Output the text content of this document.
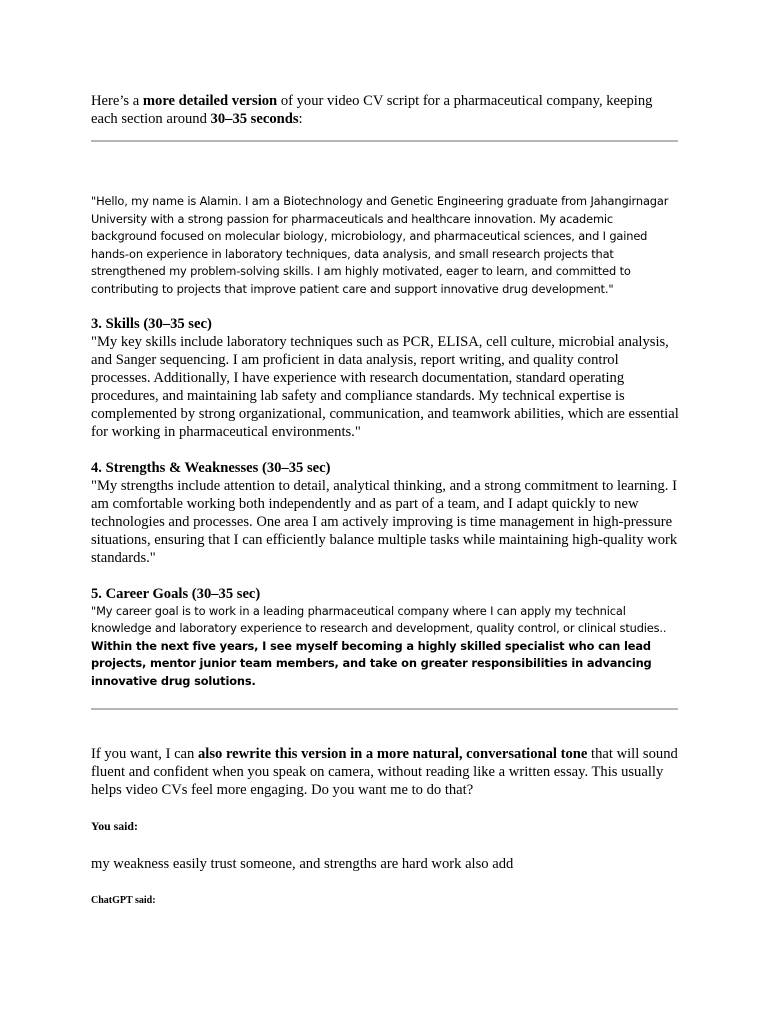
Here’s a more detailed version of your video CV script for a pharmaceutical company, keeping each section around 30–35 seconds:

"Hello, my name is Alamin. I am a Biotechnology and Genetic Engineering graduate from Jahangirnagar University with a strong passion for pharmaceuticals and healthcare innovation. My academic background focused on molecular biology, microbiology, and pharmaceutical sciences, and I gained hands-on experience in laboratory techniques, data analysis, and small research projects that strengthened my problem-solving skills. I am highly motivated, eager to learn, and committed to contributing to projects that improve patient care and support innovative drug development."

3. Skills (30–35 sec)

"My key skills include laboratory techniques such as PCR, ELISA, cell culture, microbial analysis, and Sanger sequencing. I am proficient in data analysis, report writing, and quality control processes. Additionally, I have experience with research documentation, standard operating procedures, and maintaining lab safety and compliance standards. My technical expertise is complemented by strong organizational, communication, and teamwork abilities, which are essential for working in pharmaceutical environments."

4. Strengths & Weaknesses (30–35 sec)

"My strengths include attention to detail, analytical thinking, and a strong commitment to learning. I am comfortable working both independently and as part of a team, and I adapt quickly to new technologies and processes. One area I am actively improving is time management in high-pressure situations, ensuring that I can efficiently balance multiple tasks while maintaining high-quality work standards."

5. Career Goals (30–35 sec)

"My career goal is to work in a leading pharmaceutical company where I can apply my technical knowledge and laboratory experience to research and development, quality control, or clinical studies.. Within the next five years, I see myself becoming a highly skilled specialist who can lead projects, mentor junior team members, and take on greater responsibilities in advancing innovative drug solutions.

If you want, I can also rewrite this version in a more natural, conversational tone that will sound fluent and confident when you speak on camera, without reading like a written essay. This usually helps video CVs feel more engaging. Do you want me to do that?

You said:

my weakness easily trust someone, and strengths are hard work also add

ChatGPT said:
